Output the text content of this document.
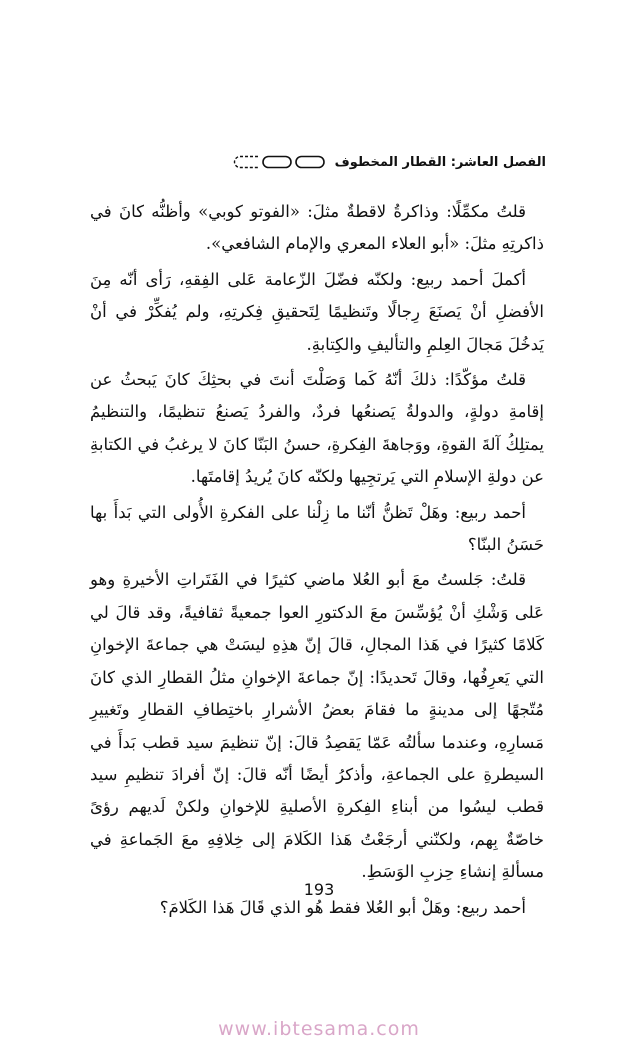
الفصل العاشر: القطار المخطوف

قلتُ مكمِّلًا: وذاكرةُ لاقطةٌ مثلَ: «الفوتو كوبي» وأظنُّه كانَ في ذاكرتِهِ مثلَ: «أبو العلاء المعري والإمام الشافعي».

أكملَ أحمد ربيع: ولكنّه فضّلَ الزّعامة عَلى الفِقهِ، رَأى أنّه مِنَ الأفضلِ أنْ يَصنَعَ رِجالًا وتَنظيمًا لِتَحقيقِ فِكرتِهِ، ولم يُفكِّرْ في أنْ يَدخُلَ مَجالَ العِلمِ والتأليفِ والكِتابةِ.

قلتُ مؤكّدًا: ذلكَ أنّهُ كَما وَصَلْتَ أنتَ في بحثِكَ كانَ يَبحثُ عن إقامةِ دولةٍ، والدولةُ يَصنعُها فردٌ، والفردُ يَصنعُ تنظيمًا، والتنظيمُ يمتلِكُ آلةَ القوةِ، ووَجاهةَ الفِكرةِ، حسنُ البَنّا كانَ لا يرغبُ في الكتابةِ عن دولةِ الإسلامِ التي يَرتجِيها ولكنّه كانَ يُريدُ إقامتَها.

أحمد ربيع: وهَلْ تَظنُّ أنّنا ما زِلْنا على الفكرةِ الأُولى التي بَدأَ بها حَسَنُ البنّا؟

قلتُ: جَلستُ معَ أبو العُلا ماضي كثيرًا في الفَتَراتِ الأخيرةِ وهو عَلى وَشْكِ أنْ يُؤسِّسَ معَ الدكتورِ العوا جمعيةً ثقافيةً، وقد قالَ لي كَلامًا كثيرًا في هَذا المجالِ، قالَ إنّ هذِهِ ليسَتْ هي جماعةَ الإخوانِ التي يَعرِفُها، وقالَ تَحديدًا: إنّ جماعةَ الإخوانِ مثلُ القطارِ الذي كانَ مُتّجهًا إلى مدينةٍ ما فقامَ بعضُ الأشرارِ باختِطافِ القطارِ وتَغييرِ مَسارِهِ، وعندما سألتُه عَمّا يَقصِدُ قالَ: إنّ تنظيمَ سيد قطب بَدأَ في السيطرةِ على الجماعةِ، وأذكرُ أيضًا أنّه قالَ: إنّ أفرادَ تنظيمِ سيد قطب ليسُوا من أبناءِ الفِكرةِ الأصليةِ للإخوانِ ولكنْ لَديهم رؤىً خاصّةٌ بِهم، ولكنّني أرجَعْتُ هَذا الكَلامَ إلى خِلافِهِ معَ الجَماعةِ في مسألةِ إنشاءِ حِزبِ الوَسَطِ.

أحمد ربيع: وهَلْ أبو العُلا فقط هُو الذي قَالَ هَذا الكَلامَ؟

193
www.ibtesama.com
